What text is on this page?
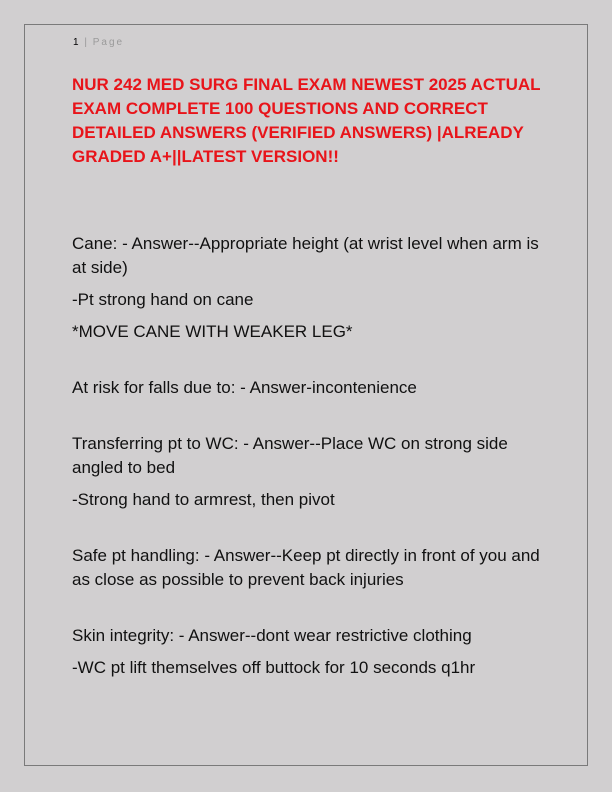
1 | Page
NUR 242 MED SURG FINAL EXAM NEWEST 2025 ACTUAL EXAM COMPLETE 100 QUESTIONS AND CORRECT DETAILED ANSWERS (VERIFIED ANSWERS) |ALREADY GRADED A+||LATEST VERSION!!

Cane: - Answer--Appropriate height (at wrist level when arm is at side)

-Pt strong hand on cane

*MOVE CANE WITH WEAKER LEG*

At risk for falls due to: - Answer-incontenience

Transferring pt to WC: - Answer--Place WC on strong side angled to bed

-Strong hand to armrest, then pivot

Safe pt handling: - Answer--Keep pt directly in front of you and as close as possible to prevent back injuries

Skin integrity: - Answer--dont wear restrictive clothing

-WC pt lift themselves off buttock for 10 seconds q1hr
